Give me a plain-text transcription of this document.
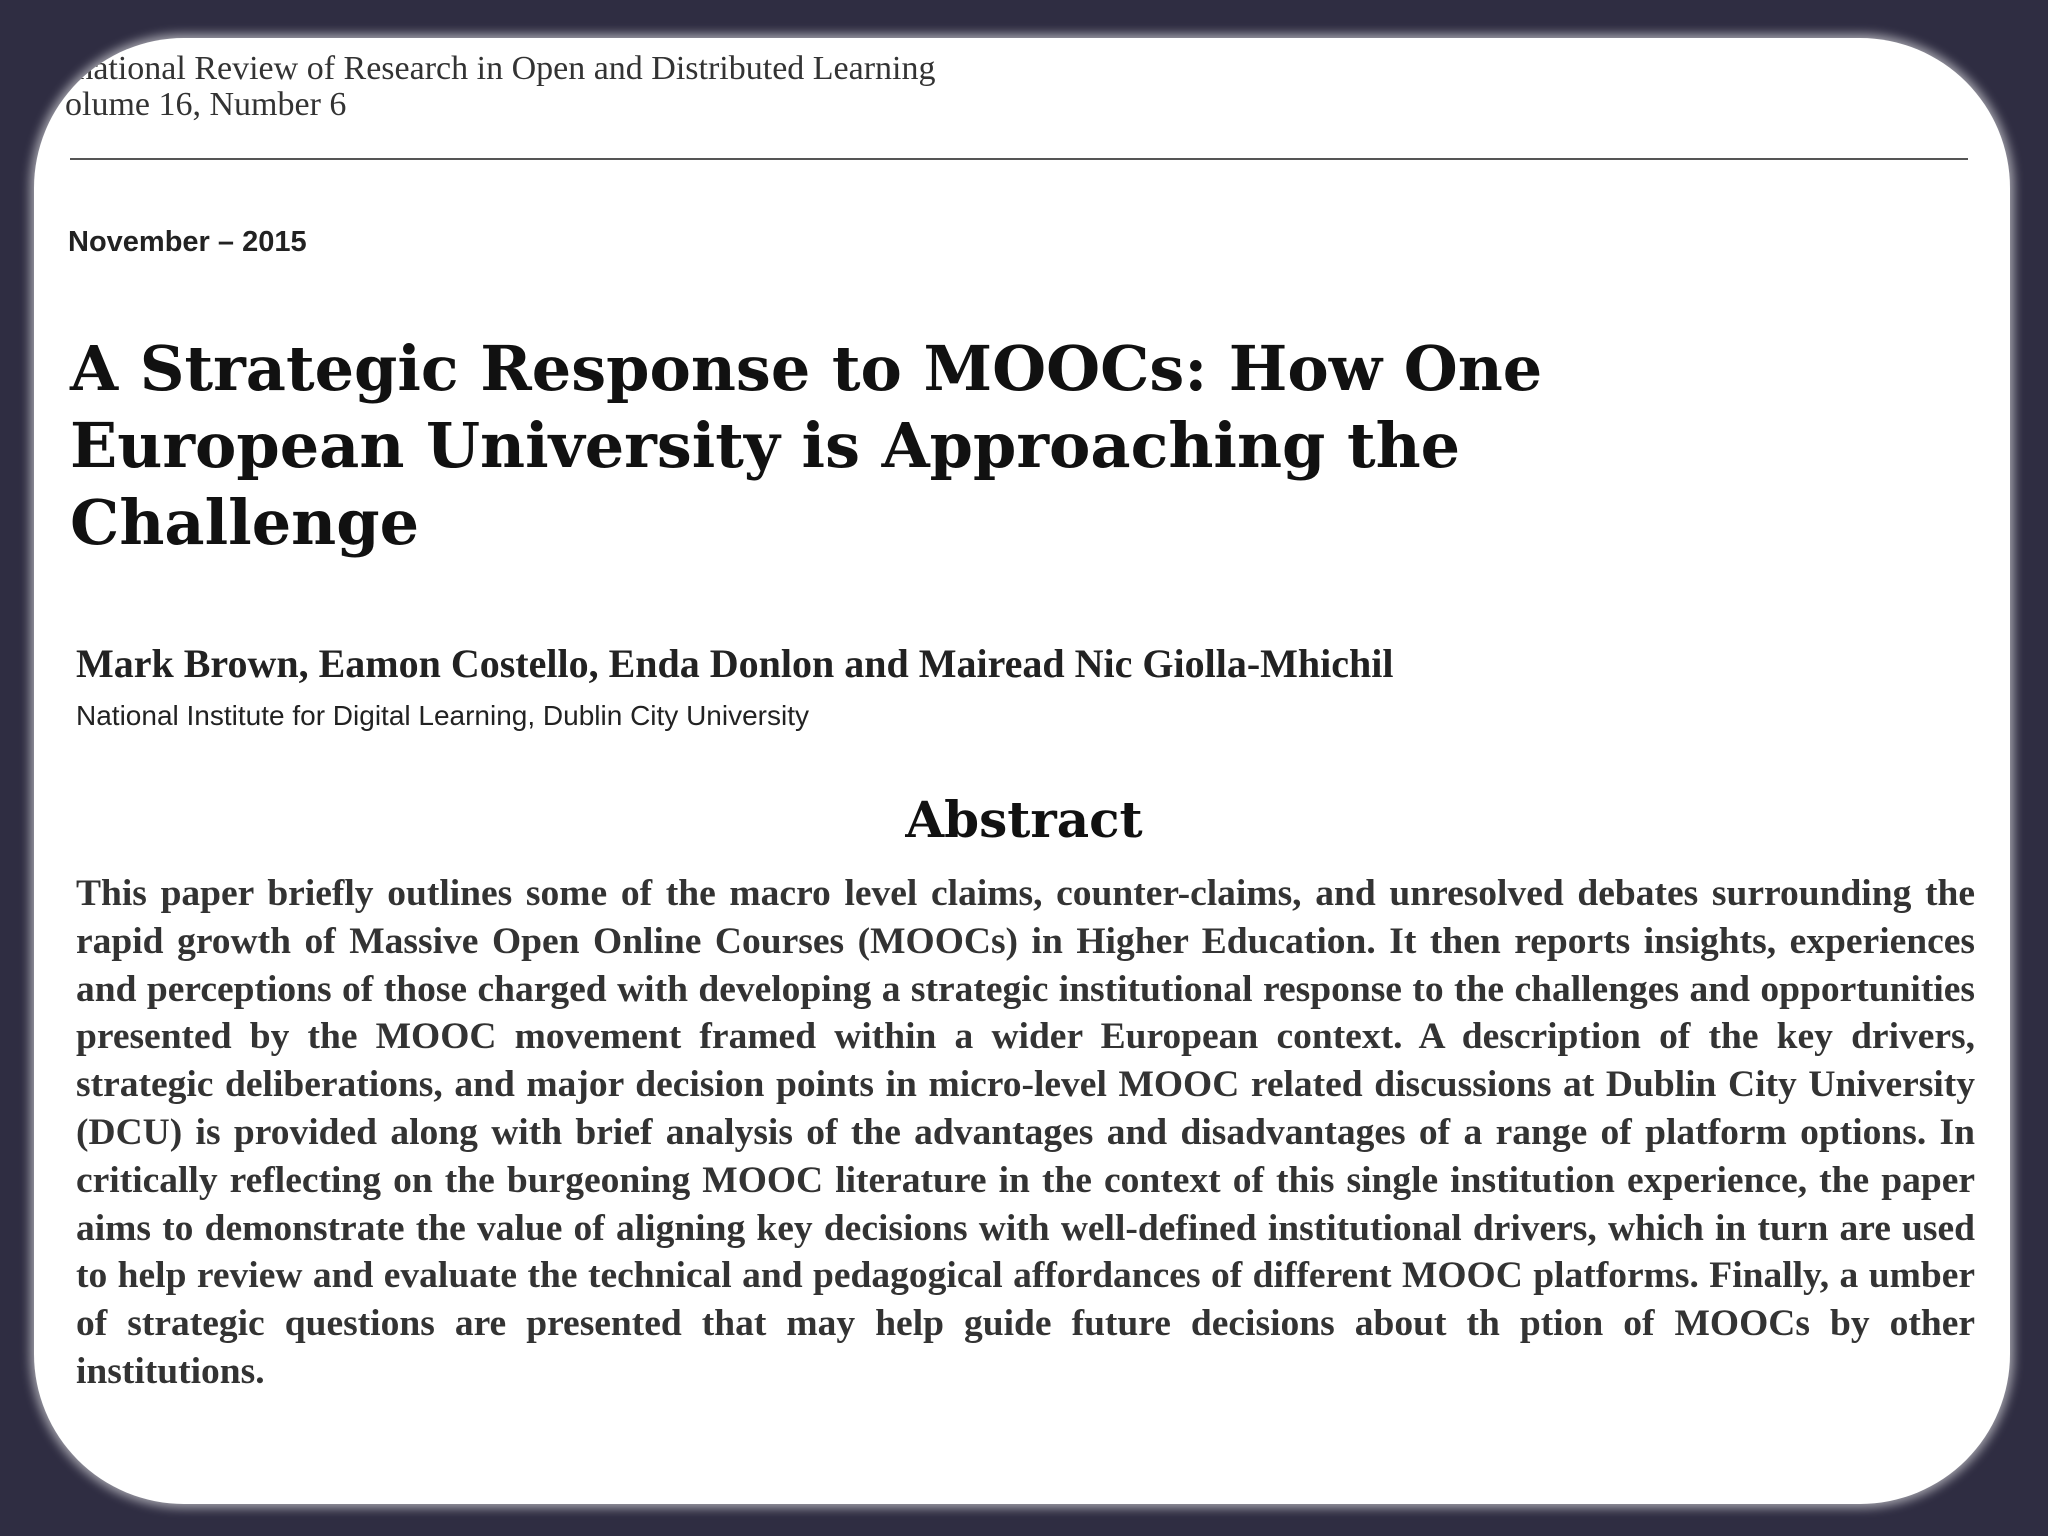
rnational Review of Research in Open and Distributed Learning

olume 16, Number 6

November – 2015

A Strategic Response to MOOCs: How One European University is Approaching the Challenge

Mark Brown, Eamon Costello, Enda Donlon and Mairead Nic Giolla-Mhichil

National Institute for Digital Learning, Dublin City University

Abstract

This paper briefly outlines some of the macro level claims, counter-claims, and unresolved debates surrounding the rapid growth of Massive Open Online Courses (MOOCs) in Higher Education. It then reports insights, experiences and perceptions of those charged with developing a strategic institutional response to the challenges and opportunities presented by the MOOC movement framed within a wider European context. A description of the key drivers, strategic deliberations, and major decision points in micro-level MOOC related discussions at Dublin City University (DCU) is provided along with brief analysis of the advantages and disadvantages of a range of platform options. In critically reflecting on the burgeoning MOOC literature in the context of this single institution experience, the paper aims to demonstrate the value of aligning key decisions with well-defined institutional drivers, which in turn are used to help review and evaluate the technical and pedagogical affordances of different MOOC platforms. Finally, a umber of strategic questions are presented that may help guide future decisions about th ption of MOOCs by other institutions.
